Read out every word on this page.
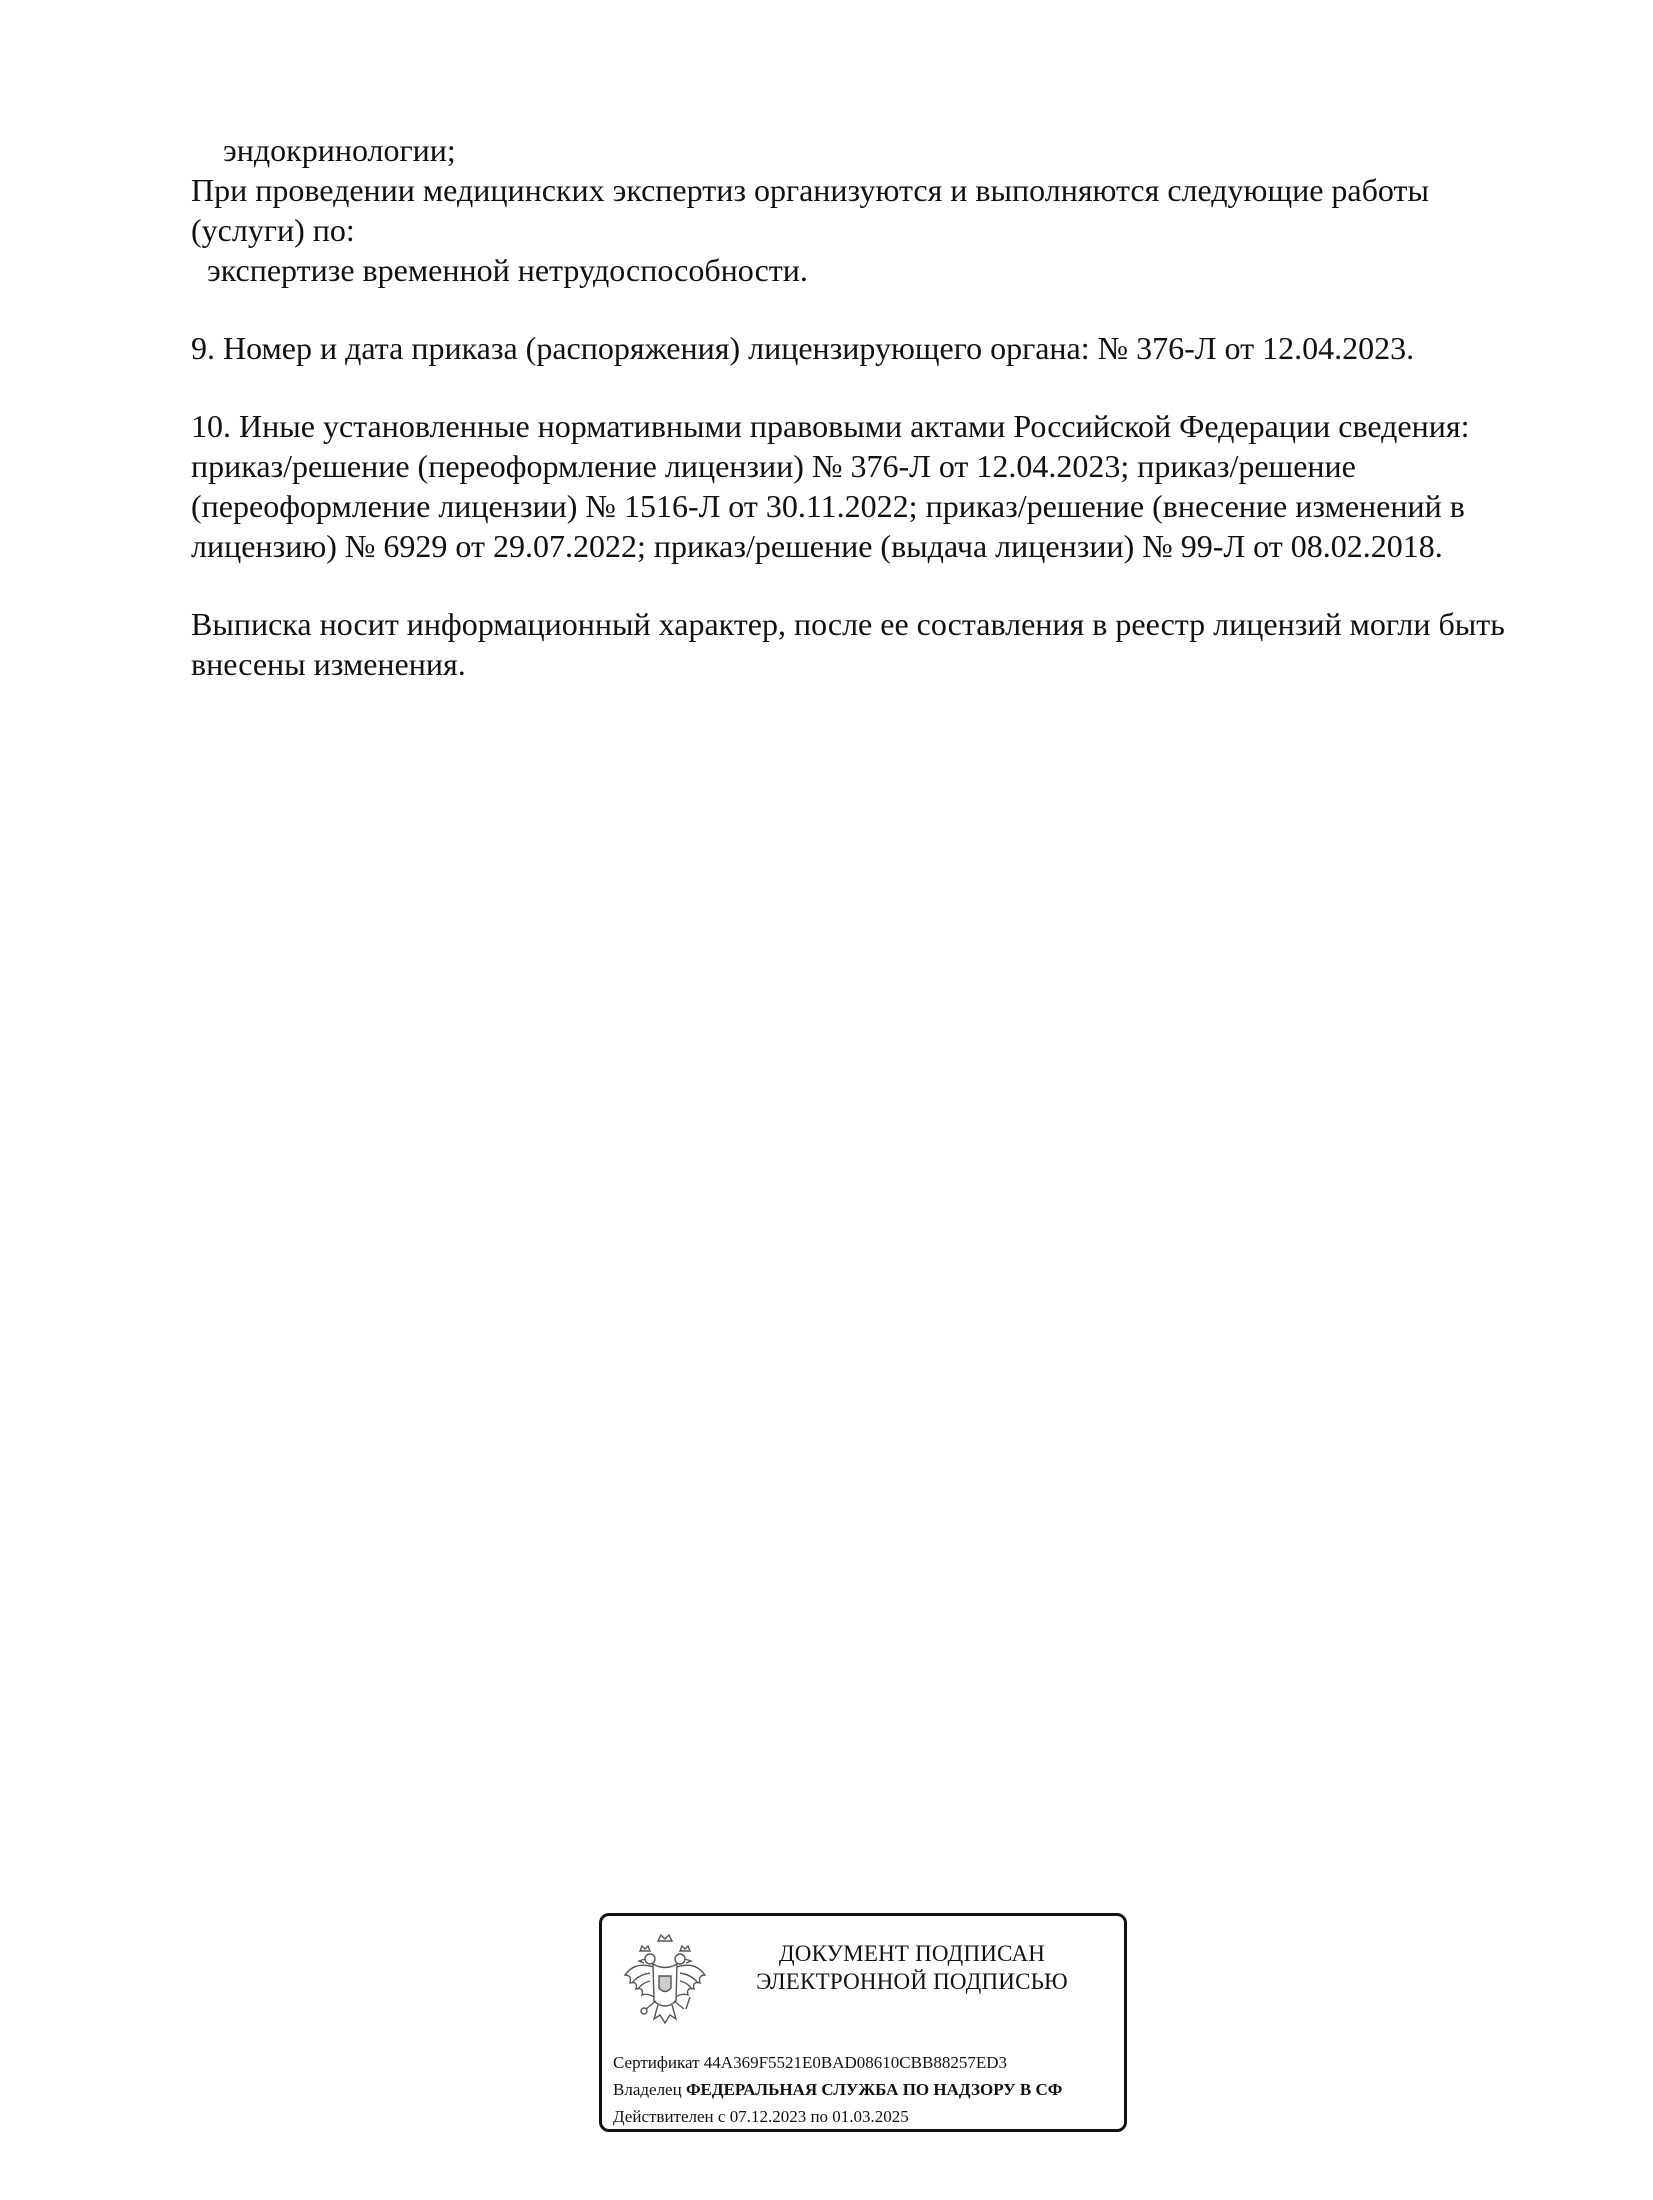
эндокринологии;
При проведении медицинских экспертиз организуются и выполняются следующие работы
(услуги) по:
экспертизе временной нетрудоспособности.
9. Номер и дата приказа (распоряжения) лицензирующего органа: № 376-Л от 12.04.2023.
10. Иные установленные нормативными правовыми актами Российской Федерации сведения:
приказ/решение (переоформление лицензии) № 376-Л от 12.04.2023; приказ/решение
(переоформление лицензии) № 1516-Л от 30.11.2022; приказ/решение (внесение изменений в
лицензию) № 6929 от 29.07.2022; приказ/решение (выдача лицензии) № 99-Л от 08.02.2018.
Выписка носит информационный характер, после ее составления в реестр лицензий могли быть
внесены изменения.
ДОКУМЕНТ ПОДПИСАН
ЭЛЕКТРОННОЙ ПОДПИСЬЮ
Сертификат 44A369F5521E0BAD08610CBB88257ED3
Владелец ФЕДЕРАЛЬНАЯ СЛУЖБА ПО НАДЗОРУ В СФ
Действителен с 07.12.2023 по 01.03.2025
